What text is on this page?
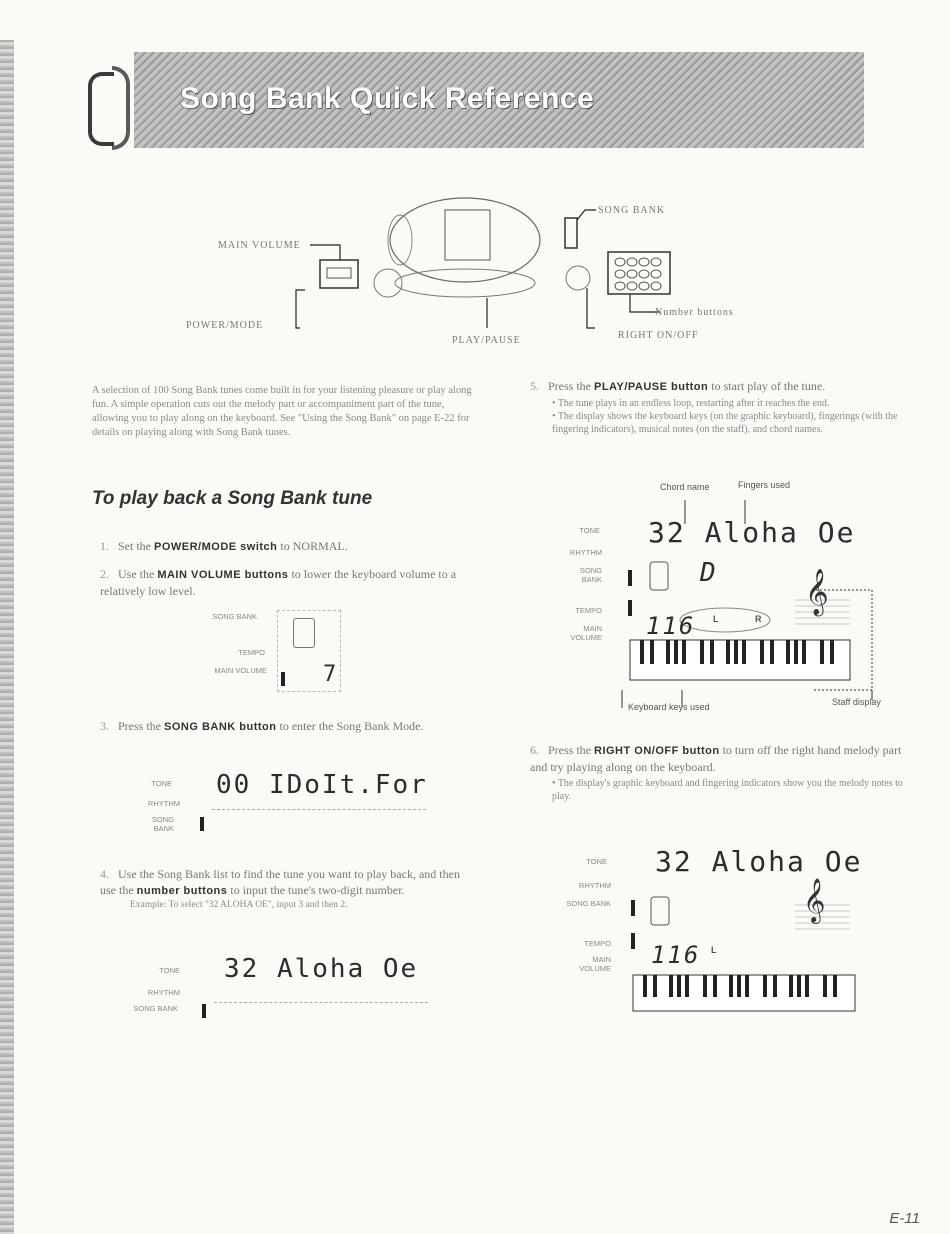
Song Bank Quick Reference
SONG BANK
MAIN VOLUME
Number buttons
POWER/MODE
RIGHT ON/OFF
PLAY/PAUSE
A selection of 100 Song Bank tunes come built in for your listening pleasure or play along fun. A simple operation cuts out the melody part or accompaniment part of the tune, allowing you to play along on the keyboard. See "Using the Song Bank" on page E-22 for details on playing along with Song Bank tunes.
To play back a Song Bank tune
1. Set the POWER/MODE switch to NORMAL.
2. Use the MAIN VOLUME buttons to lower the keyboard volume to a relatively low level.
SONG BANK
TEMPO
MAIN VOLUME	7
3. Press the SONG BANK button to enter the Song Bank Mode.
TONE
RHYTHM
SONG BANK
00 IDoIt.For
4. Use the Song Bank list to find the tune you want to play back, and then use the number buttons to input the tune's two-digit number.
Example: To select "32 ALOHA OE", input 3 and then 2.
TONE
RHYTHM
SONG BANK
32 Aloha Oe
5. Press the PLAY/PAUSE button to start play of the tune.
• The tune plays in an endless loop, restarting after it reaches the end.
• The display shows the keyboard keys (on the graphic keyboard), fingerings (with the fingering indicators), musical notes (on the staff), and chord names.
Chord name	Fingers used
TONE
RHYTHM
SONG BANK
TEMPO
MAIN VOLUME
32 Aloha Oe
D 𝄞
116 L	R
Keyboard keys used	Staff display
6. Press the RIGHT ON/OFF button to turn off the right hand melody part and try playing along on the keyboard.
• The display's graphic keyboard and fingering indicators show you the melody notes to play.
TONE
RHYTHM
SONG BANK
TEMPO
MAIN VOLUME
32 Aloha Oe
𝄞
116 L
E-11
